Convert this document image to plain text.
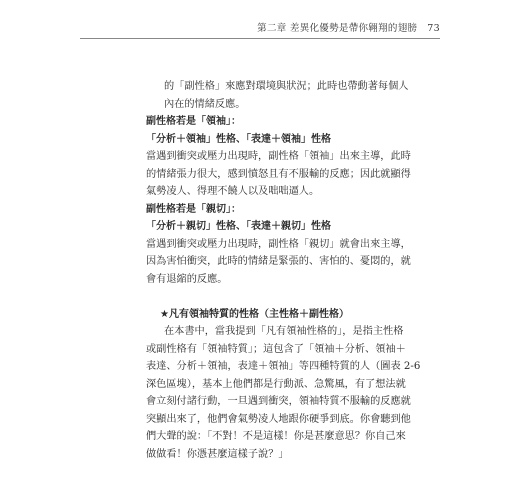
第二章 差異化優勢是帶你翱翔的翅膀 73
的「副性格」來應對環境與狀況；此時也帶動著每個人
內在的情緒反應。
副性格若是「領袖」：
「分析＋領袖」性格、「表達＋領袖」性格
當遇到衝突或壓力出現時，副性格「領袖」出來主導，此時
的情緒張力很大，感到憤怒且有不服輸的反應；因此就顯得
氣勢凌人、得理不饒人以及咄咄逼人。
副性格若是「親切」：
「分析＋親切」性格、「表達＋親切」性格
當遇到衝突或壓力出現時，副性格「親切」就會出來主導，
因為害怕衝突，此時的情緒是緊張的、害怕的、憂悶的，就
會有退縮的反應。
★凡有領袖特質的性格（主性格＋副性格）
在本書中，當我提到「凡有領袖性格的」，是指主性格
或副性格有「領袖特質」；這包含了「領袖＋分析、領袖＋
表達、分析＋領袖，表達＋領袖」等四種特質的人（圖表 2-6
深色區塊），基本上他們都是行動派、急驚風，有了想法就
會立刻付諸行動，一旦遇到衝突，領袖特質不服輸的反應就
突顯出來了，他們會氣勢凌人地跟你硬爭到底。你會聽到他
們大聲的說：「不對！不是這樣！你是甚麼意思？你自己來
做做看！你憑甚麼這樣子說？」
